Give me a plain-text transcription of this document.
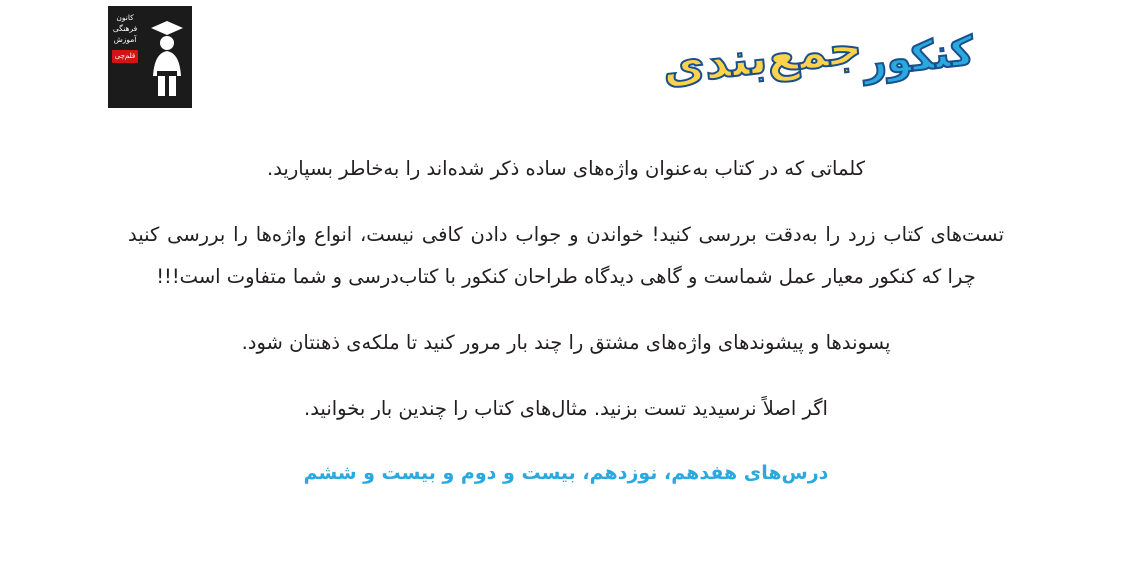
کانون
فرهنگی
آموزش
قلم‌چی	کنکور
جمع‌بندی

کلماتی که در کتاب به‌عنوان واژه‌های ساده ذکر شده‌اند را به‌خاطر بسپارید.

تست‌های کتاب زرد را به‌دقت بررسی کنید! خواندن و جواب دادن کافی نیست، انواع واژه‌ها را بررسی کنید چرا که کنکور معیار عمل شماست و گاهی دیدگاه طراحان کنکور با کتاب‌درسی و شما متفاوت است!!!

پسوندها و پیشوندهای واژه‌های مشتق را چند بار مرور کنید تا ملکه‌ی ذهنتان شود.

اگر اصلاً نرسیدید تست بزنید. مثال‌های کتاب را چندین بار بخوانید.

درس‌های هفدهم، نوزدهم، بیست و دوم و بیست و ششم
